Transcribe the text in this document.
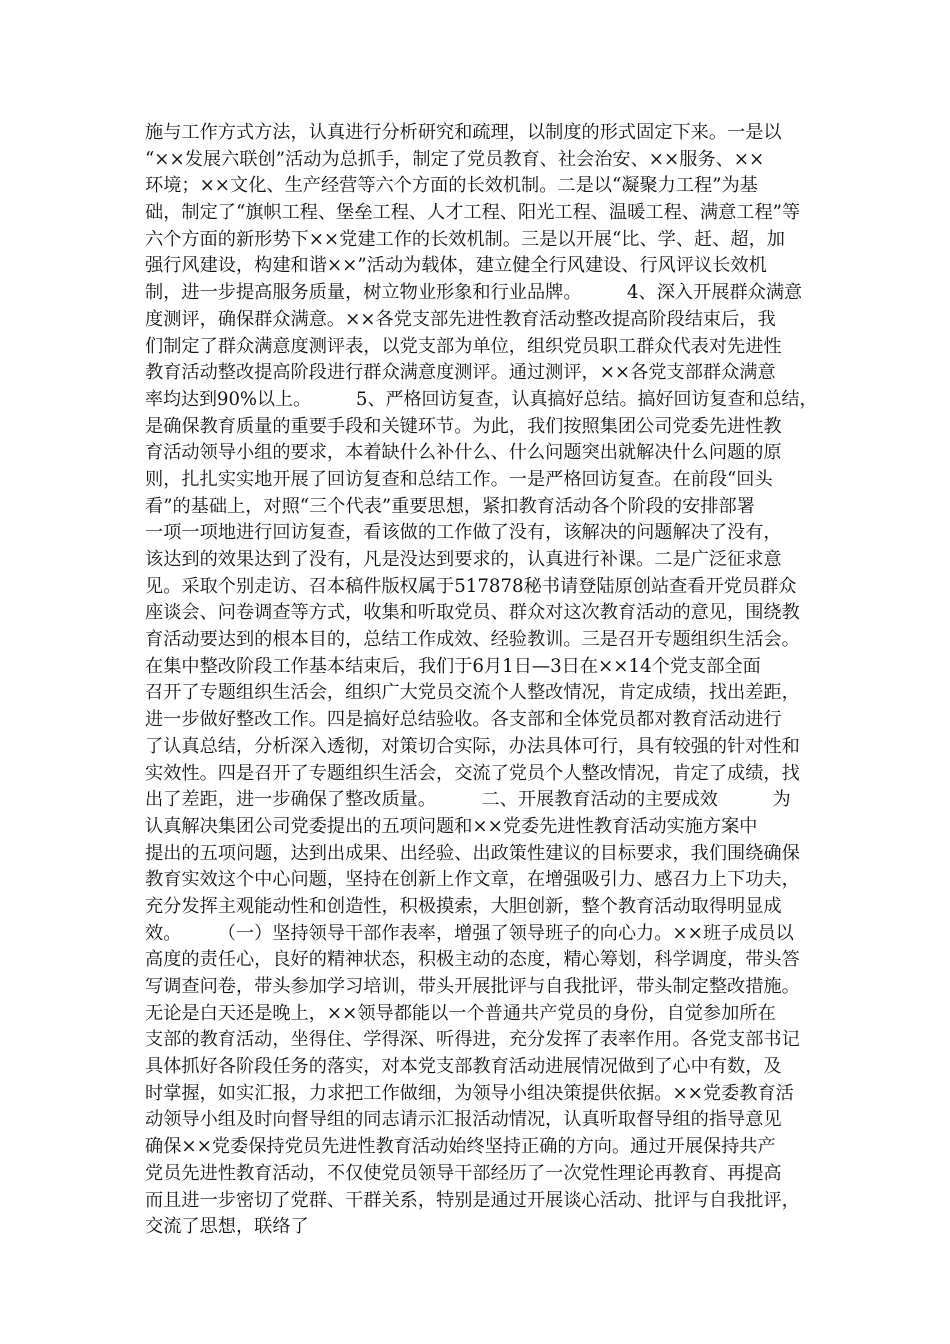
施与工作方式方法，认真进行分析研究和疏理，以制度的形式固定下来。一是以
“××发展六联创”活动为总抓手，制定了党员教育、社会治安、××服务、××
环境；××文化、生产经营等六个方面的长效机制。二是以“凝聚力工程”为基
础，制定了“旗帜工程、堡垒工程、人才工程、阳光工程、温暖工程、满意工程”等
六个方面的新形势下××党建工作的长效机制。三是以开展“比、学、赶、超，加
强行风建设，构建和谐××”活动为载体，建立健全行风建设、行风评议长效机
制，进一步提高服务质量，树立物业形象和行业品牌。　　　4、深入开展群众满意
度测评，确保群众满意。××各党支部先进性教育活动整改提高阶段结束后，我
们制定了群众满意度测评表，以党支部为单位，组织党员职工群众代表对先进性
教育活动整改提高阶段进行群众满意度测评。通过测评，××各党支部群众满意
率均达到90%以上。　　　5、严格回访复查，认真搞好总结。搞好回访复查和总结，
是确保教育质量的重要手段和关键环节。为此，我们按照集团公司党委先进性教
育活动领导小组的要求，本着缺什么补什么、什么问题突出就解决什么问题的原
则，扎扎实实地开展了回访复查和总结工作。一是严格回访复查。在前段“回头
看”的基础上，对照“三个代表”重要思想，紧扣教育活动各个阶段的安排部署
一项一项地进行回访复查，看该做的工作做了没有，该解决的问题解决了没有，
该达到的效果达到了没有，凡是没达到要求的，认真进行补课。二是广泛征求意
见。采取个别走访、召本稿件版权属于517878秘书请登陆原创站查看开党员群众
座谈会、问卷调查等方式，收集和听取党员、群众对这次教育活动的意见，围绕教
育活动要达到的根本目的，总结工作成效、经验教训。三是召开专题组织生活会。
在集中整改阶段工作基本结束后，我们于6月1日—3日在××14个党支部全面
召开了专题组织生活会，组织广大党员交流个人整改情况，肯定成绩，找出差距，
进一步做好整改工作。四是搞好总结验收。各支部和全体党员都对教育活动进行
了认真总结，分析深入透彻，对策切合实际，办法具体可行，具有较强的针对性和
实效性。四是召开了专题组织生活会，交流了党员个人整改情况，肯定了成绩，找
出了差距，进一步确保了整改质量。　　　二、开展教育活动的主要成效　　　为
认真解决集团公司党委提出的五项问题和××党委先进性教育活动实施方案中
提出的五项问题，达到出成果、出经验、出政策性建议的目标要求，我们围绕确保
教育实效这个中心问题，坚持在创新上作文章，在增强吸引力、感召力上下功夫，
充分发挥主观能动性和创造性，积极摸索，大胆创新，整个教育活动取得明显成
效。　　　（一）坚持领导干部作表率，增强了领导班子的向心力。××班子成员以
高度的责任心，良好的精神状态，积极主动的态度，精心筹划，科学调度，带头答
写调查问卷，带头参加学习培训，带头开展批评与自我批评，带头制定整改措施。
无论是白天还是晚上，××领导都能以一个普通共产党员的身份，自觉参加所在
支部的教育活动，坐得住、学得深、听得进，充分发挥了表率作用。各党支部书记
具体抓好各阶段任务的落实，对本党支部教育活动进展情况做到了心中有数，及
时掌握，如实汇报，力求把工作做细，为领导小组决策提供依据。××党委教育活
动领导小组及时向督导组的同志请示汇报活动情况，认真听取督导组的指导意见
确保××党委保持党员先进性教育活动始终坚持正确的方向。通过开展保持共产
党员先进性教育活动，不仅使党员领导干部经历了一次党性理论再教育、再提高
而且进一步密切了党群、干群关系，特别是通过开展谈心活动、批评与自我批评，
交流了思想，联络了
